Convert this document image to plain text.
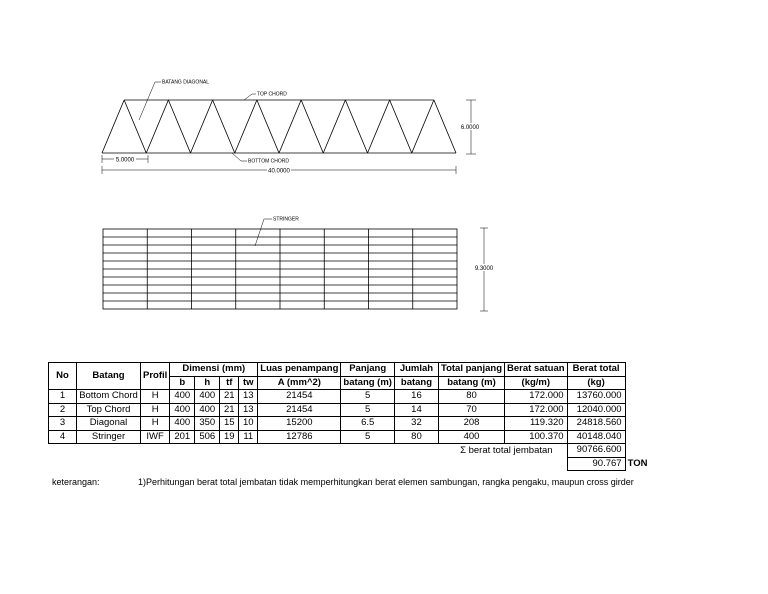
BATANG DIAGONAL
TOP CHORD
BOTTOM CHORD
6.0000
5.0000
40.0000
STRINGER
9.3000
No	Batang	Profil	Dimensi (mm)				Luas penampang	Panjang	Jumlah	Total panjang	Berat satuan	Berat total	
			b	h	tf	tw	A (mm^2)	batang (m)	batang	batang (m)	(kg/m)	(kg)	
1	Bottom Chord	H	400	400	21	13	21454	5	16	80	172.000	13760.000	
2	Top Chord	H	400	400	21	13	21454	5	14	70	172.000	12040.000	
3	Diagonal	H	400	350	15	10	15200	6.5	32	208	119.320	24818.560	
4	Stringer	IWF	201	506	19	11	12786	5	80	400	100.370	40148.040	
Σ berat total jembatan												90766.600	
												90.767	TON
keterangan:	1)Perhitungan berat total jembatan tidak memperhitungkan berat elemen sambungan, rangka pengaku, maupun cross girder
